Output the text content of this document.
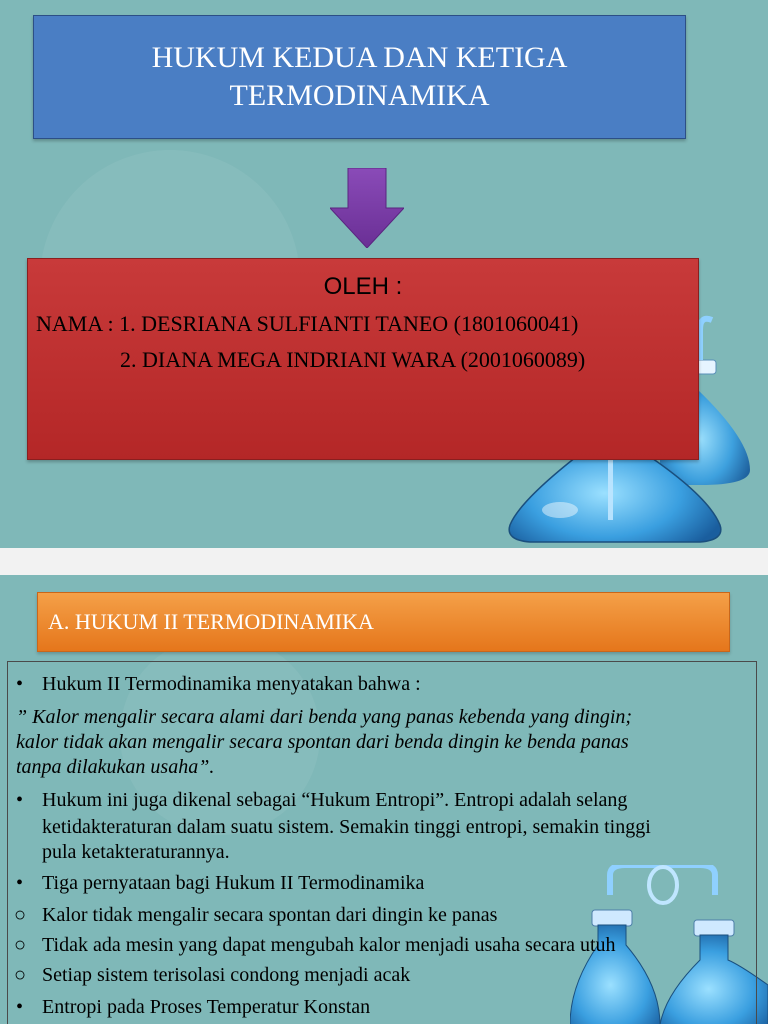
HUKUM KEDUA DAN KETIGA
TERMODINAMIKA
OLEH :
NAMA : 1. DESRIANA SULFIANTI TANEO (1801060041)
2. DIANA MEGA INDRIANI WARA (2001060089)
A. HUKUM II TERMODINAMIKA
• Hukum II Termodinamika menyatakan bahwa :
” Kalor mengalir secara alami dari benda yang panas kebenda yang dingin;
kalor tidak akan mengalir secara spontan dari benda dingin ke benda panas
tanpa dilakukan usaha”.
• Hukum ini juga dikenal sebagai “Hukum Entropi”. Entropi adalah selang
ketidakteraturan dalam suatu sistem. Semakin tinggi entropi, semakin tinggi
pula ketakteraturannya.
• Tiga pernyataan bagi Hukum II Termodinamika
○ Kalor tidak mengalir secara spontan dari dingin ke panas
○ Tidak ada mesin yang dapat mengubah kalor menjadi usaha secara utuh
○ Setiap sistem terisolasi condong menjadi acak
• Entropi pada Proses Temperatur Konstan
